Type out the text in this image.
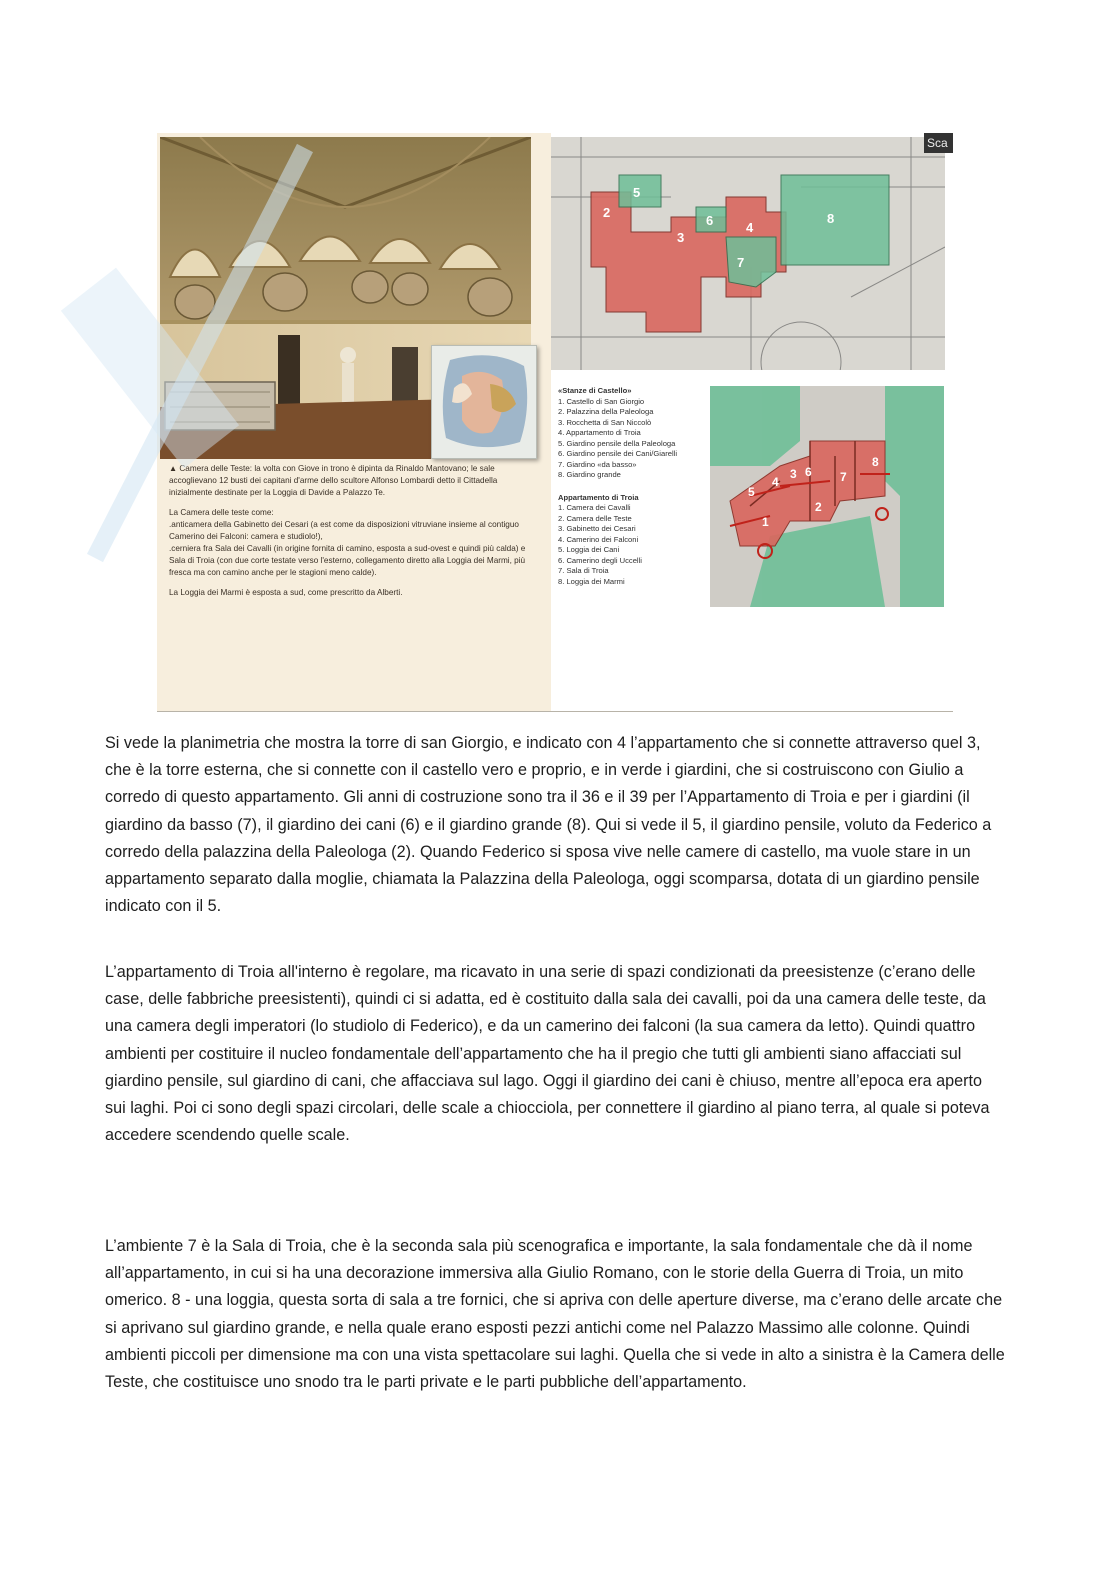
▲ Camera delle Teste: la volta con Giove in trono è dipinta da Rinaldo Mantovano; le sale accoglievano 12 busti dei capitani d'arme dello scultore Alfonso Lombardi detto il Cittadella inizialmente destinate per la Loggia di Davide a Palazzo Te.

La Camera delle teste come:

.anticamera della Gabinetto dei Cesari (a est come da disposizioni vitruviane insieme al contiguo Camerino dei Falconi: camera e studiolo!),

.cerniera fra Sala dei Cavalli (in origine fornita di camino, esposta a sud-ovest e quindi più calda) e Sala di Troia (con due corte testate verso l'esterno, collegamento diretto alla Loggia dei Marmi, più fresca ma con camino anche per le stagioni meno calde).

La Loggia dei Marmi è esposta a sud, come prescritto da Alberti.

2
5
3
4
6
7
8
Sca
«Stanze di Castello»
1. Castello di San Giorgio
2. Palazzina della Paleologa
3. Rocchetta di San Niccolò
4. Appartamento di Troia
5. Giardino pensile della Paleologa
6. Giardino pensile dei Cani/Giarelli
7. Giardino «da basso»
8. Giardino grande
Appartamento di Troia
1. Camera dei Cavalli
2. Camera delle Teste
3. Gabinetto dei Cesari
4. Camerino dei Falconi
5. Loggia dei Cani
6. Camerino degli Uccelli
7. Sala di Troia
8. Loggia dei Marmi
1
2
3
4
5
6 7
8

Si vede la planimetria che mostra la torre di san Giorgio, e indicato con 4 l’appartamento che si connette attraverso quel 3, che è la torre esterna, che si connette con il castello vero e proprio, e in verde i giardini, che si costruiscono con Giulio a corredo di questo appartamento. Gli anni di costruzione sono tra il 36 e il 39 per l’Appartamento di Troia e per i giardini (il giardino da basso (7), il giardino dei cani (6) e il giardino grande (8). Qui si vede il 5, il giardino pensile, voluto da Federico a corredo della palazzina della Paleologa (2). Quando Federico si sposa vive nelle camere di castello, ma vuole stare in un appartamento separato dalla moglie, chiamata la Palazzina della Paleologa, oggi scomparsa, dotata di un giardino pensile indicato con il 5.

L’appartamento di Troia all'interno è regolare, ma ricavato in una serie di spazi condizionati da preesistenze (c’erano delle case, delle fabbriche preesistenti), quindi ci si adatta, ed è costituito dalla sala dei cavalli, poi da una camera delle teste, da una camera degli imperatori (lo studiolo di Federico), e da un camerino dei falconi (la sua camera da letto). Quindi quattro ambienti per costituire il nucleo fondamentale dell’appartamento che ha il pregio che tutti gli ambienti siano affacciati sul giardino pensile, sul giardino di cani, che affacciava sul lago. Oggi il giardino dei cani è chiuso, mentre all’epoca era aperto sui laghi. Poi ci sono degli spazi circolari, delle scale a chiocciola, per connettere il giardino al piano terra, al quale si poteva accedere scendendo quelle scale.

L’ambiente 7 è la Sala di Troia, che è la seconda sala più scenografica e importante, la sala fondamentale che dà il nome all’appartamento, in cui si ha una decorazione immersiva alla Giulio Romano, con le storie della Guerra di Troia, un mito omerico. 8 - una loggia, questa sorta di sala a tre fornici, che si apriva con delle aperture diverse, ma c’erano delle arcate che si aprivano sul giardino grande, e nella quale erano esposti pezzi antichi come nel Palazzo Massimo alle colonne. Quindi ambienti piccoli per dimensione ma con una vista spettacolare sui laghi. Quella che si vede in alto a sinistra è la Camera delle Teste, che costituisce uno snodo tra le parti private e le parti pubbliche dell’appartamento.
